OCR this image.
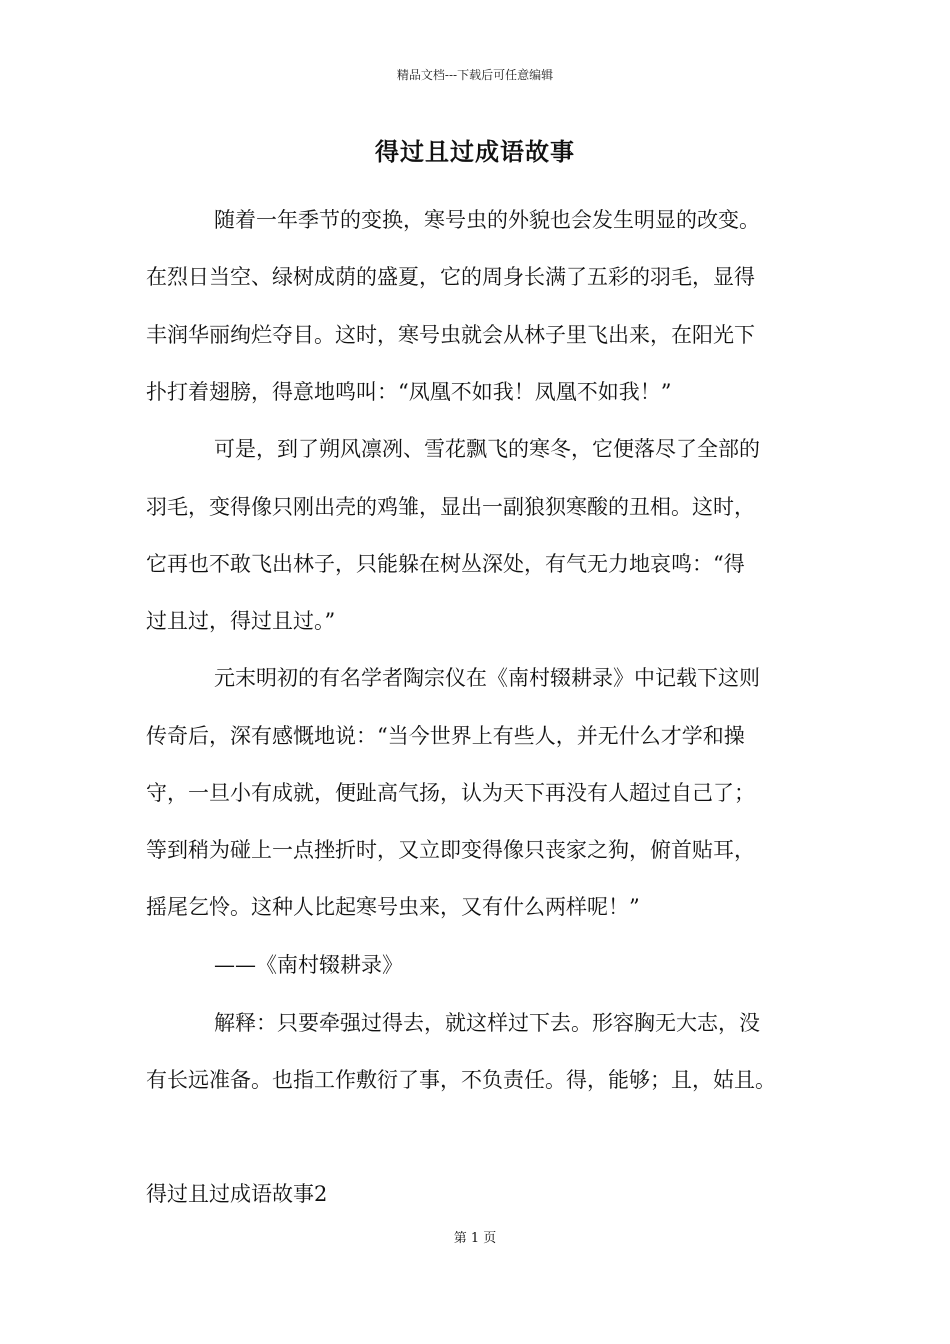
精品文档---下载后可任意编辑
得过且过成语故事
随着一年季节的变换，寒号虫的外貌也会发生明显的改变。
在烈日当空、绿树成荫的盛夏，它的周身长满了五彩的羽毛，显得
丰润华丽绚烂夺目。这时，寒号虫就会从林子里飞出来，在阳光下
扑打着翅膀，得意地鸣叫：“凤凰不如我！凤凰不如我！”
可是，到了朔风凛冽、雪花飘飞的寒冬，它便落尽了全部的
羽毛，变得像只刚出壳的鸡雏，显出一副狼狈寒酸的丑相。这时，
它再也不敢飞出林子，只能躲在树丛深处，有气无力地哀鸣：“得
过且过，得过且过。”
元末明初的有名学者陶宗仪在《南村辍耕录》中记载下这则
传奇后，深有感慨地说：“当今世界上有些人，并无什么才学和操
守，一旦小有成就，便趾高气扬，认为天下再没有人超过自己了；
等到稍为碰上一点挫折时，又立即变得像只丧家之狗，俯首贴耳，
摇尾乞怜。这种人比起寒号虫来，又有什么两样呢！”
——《南村辍耕录》
解释：只要牵强过得去，就这样过下去。形容胸无大志，没
有长远准备。也指工作敷衍了事，不负责任。得，能够；且，姑且。
得过且过成语故事2
第 1 页
